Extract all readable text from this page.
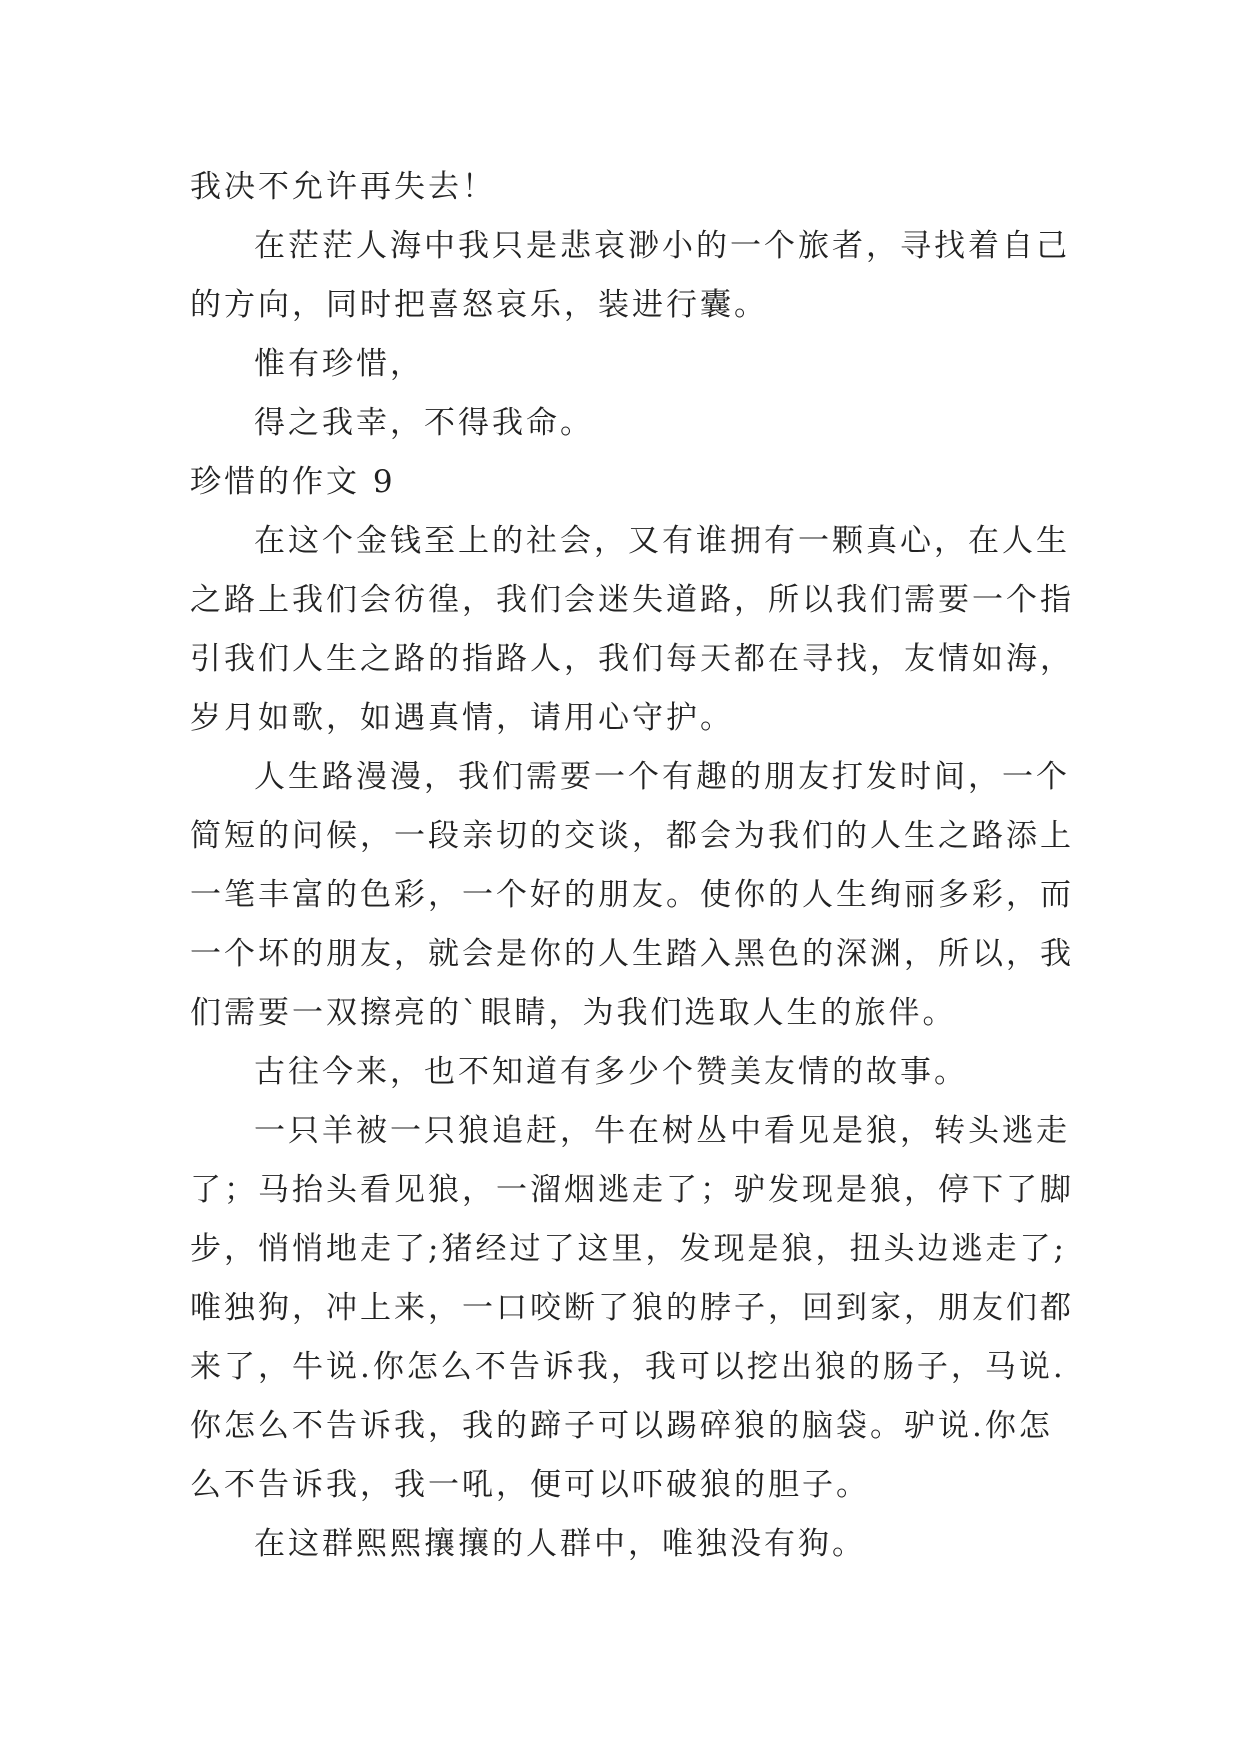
我决不允许再失去！
在茫茫人海中我只是悲哀渺小的一个旅者，寻找着自己
的方向，同时把喜怒哀乐，装进行囊。
惟有珍惜，
得之我幸，不得我命。
珍惜的作文 9
在这个金钱至上的社会，又有谁拥有一颗真心，在人生
之路上我们会彷徨，我们会迷失道路，所以我们需要一个指
引我们人生之路的指路人，我们每天都在寻找，友情如海，
岁月如歌，如遇真情，请用心守护。
人生路漫漫，我们需要一个有趣的朋友打发时间，一个
简短的问候，一段亲切的交谈，都会为我们的人生之路添上
一笔丰富的色彩，一个好的朋友。使你的人生绚丽多彩，而
一个坏的朋友，就会是你的人生踏入黑色的深渊，所以，我
们需要一双擦亮的`眼睛，为我们选取人生的旅伴。
古往今来，也不知道有多少个赞美友情的故事。
一只羊被一只狼追赶，牛在树丛中看见是狼，转头逃走
了；马抬头看见狼，一溜烟逃走了；驴发现是狼，停下了脚
步，悄悄地走了;猪经过了这里，发现是狼，扭头边逃走了;
唯独狗，冲上来，一口咬断了狼的脖子，回到家，朋友们都
来了，牛说.你怎么不告诉我，我可以挖出狼的肠子，马说.
你怎么不告诉我，我的蹄子可以踢碎狼的脑袋。驴说.你怎
么不告诉我，我一吼，便可以吓破狼的胆子。
在这群熙熙攘攘的人群中，唯独没有狗。
